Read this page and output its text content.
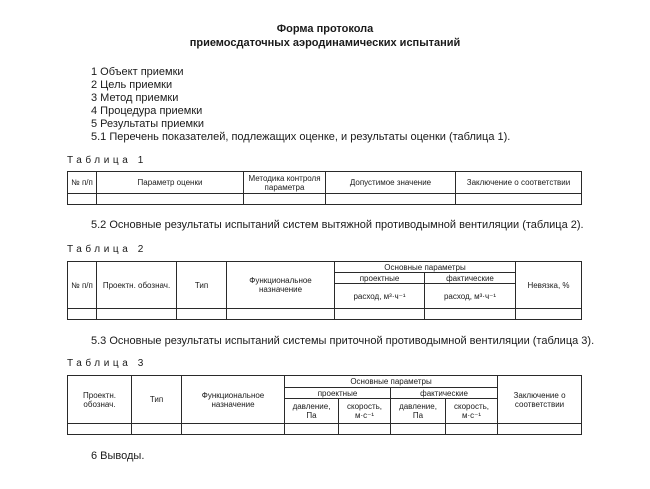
Форма протокола
приемосдаточных аэродинамических испытаний
1 Объект приемки
2 Цель приемки
3 Метод приемки
4 Процедура приемки
5 Результаты приемки
5.1 Перечень показателей, подлежащих оценке, и результаты оценки (таблица 1).
Таблица 1
№ п/п	Параметр оценки	Методика контроля параметра	Допустимое значение	Заключение о соответствии

5.2 Основные результаты испытаний систем вытяжной противодымной вентиляции (таблица 2).
Таблица 2
№ п/п	Проектн. обознач.	Тип	Функциональное назначение	Основные параметры		Невязка, %
				проектные	фактические	
				расход, м³·ч⁻¹	расход, м³·ч⁻¹	

5.3 Основные результаты испытаний системы приточной противодымной вентиляции (таблица 3).
Таблица 3
Проектн. обознач.	Тип	Функциональное назначение	Основные параметры				Заключение о соответствии
			проектные		фактические		
			давление, Па	скорость, м·с⁻¹	давление, Па	скорость, м·с⁻¹	

6 Выводы.
